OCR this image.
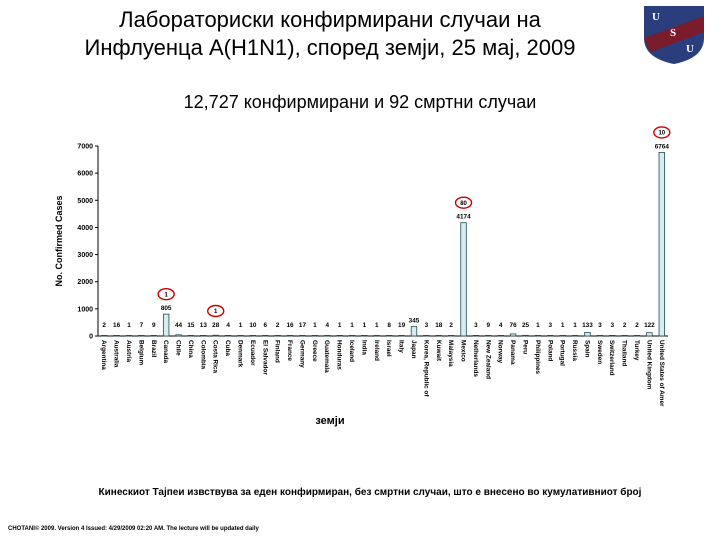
Лабораториски конфирмирани случаи на
Инфлуенца А(H1N1), според земји, 25 мај, 2009
U
S
U
12,727 конфирмирани и 92 смртни случаи
0
1000
2000
3000
4000
5000
6000
7000
2
Argentina
16
Australia
1
Austria
7
Belgium
9
Brazil
805
Canada
1
44
Chile
15
China
13
Colombia
28
Costa Rica
1
4
Cuba
1
Denmark
10
Ecuador
6
El Salvador
2
Finland
16
France
17
Germany
1
Greece
4
Guatemala
1
Honduras
1
Iceland
1
India
1
Ireland
8
Israel
19
Italy
345
Japan
3
Korea, Republic of
18
Kuwait
2
Malaysia
4174
Mexico
80
3
Netherlands
9
New Zealand
4
Norway
76
Panama
25
Peru
1
Philippines
3
Poland
1
Portugal
1
Russia
133
Spain
3
Sweden
3
Switzerland
2
Thailand
2
Turkey
122
United Kingdom
6764
United States of Amer
10
No. Confirmed Cases
земји
Кинескиот Тајпеи извствува за еден конфирмиран, без смртни случаи, што е внесено во кумулативниот број
CHOTANI© 2009. Version 4 Issued: 4/29/2009 02:20 AM. The lecture will be updated daily
